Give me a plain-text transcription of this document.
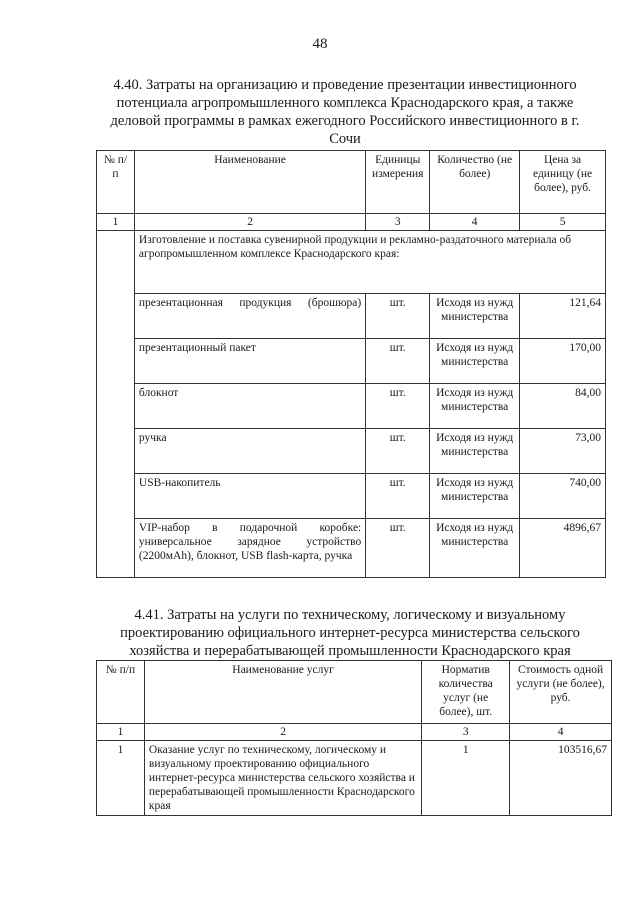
48
4.40. Затраты на организацию и проведение презентации инвестиционного потенциала агропромышленного комплекса Краснодарского края, а также деловой программы в рамках ежегодного Российского инвестиционного в г. Сочи
№ п/п	Наименование	Единицы измерения	Количество (не более)	Цена за единицу (не более), руб.
1	2	3	4	5
	Изготовление и поставка сувенирной продукции и рекламно-раздаточного материала об агропромышленном комплексе Краснодарского края:			
	презентационная продукция (брошюра)	шт.	Исходя из нужд министерства	121,64
	презентационный пакет	шт.	Исходя из нужд министерства	170,00
	блокнот	шт.	Исходя из нужд министерства	84,00
	ручка	шт.	Исходя из нужд министерства	73,00
	USB-накопитель	шт.	Исходя из нужд министерства	740,00
	VIP-набор в подарочной коробке: универсальное зарядное устройство (2200мАh), блокнот, USB flash-карта, ручка	шт.	Исходя из нужд министерства	4896,67
4.41. Затраты на услуги по техническому, логическому и визуальному проектированию официального интернет-ресурса министерства сельского хозяйства и перерабатывающей промышленности Краснодарского края
№ п/п	Наименование услуг	Норматив количества услуг (не более), шт.	Стоимость одной услуги (не более), руб.
1	2	3	4
1	Оказание услуг по техническому, логическому и визуальному проектированию официального интернет-ресурса министерства сельского хозяйства и перерабатывающей промышленности Краснодарского края	1	103516,67
